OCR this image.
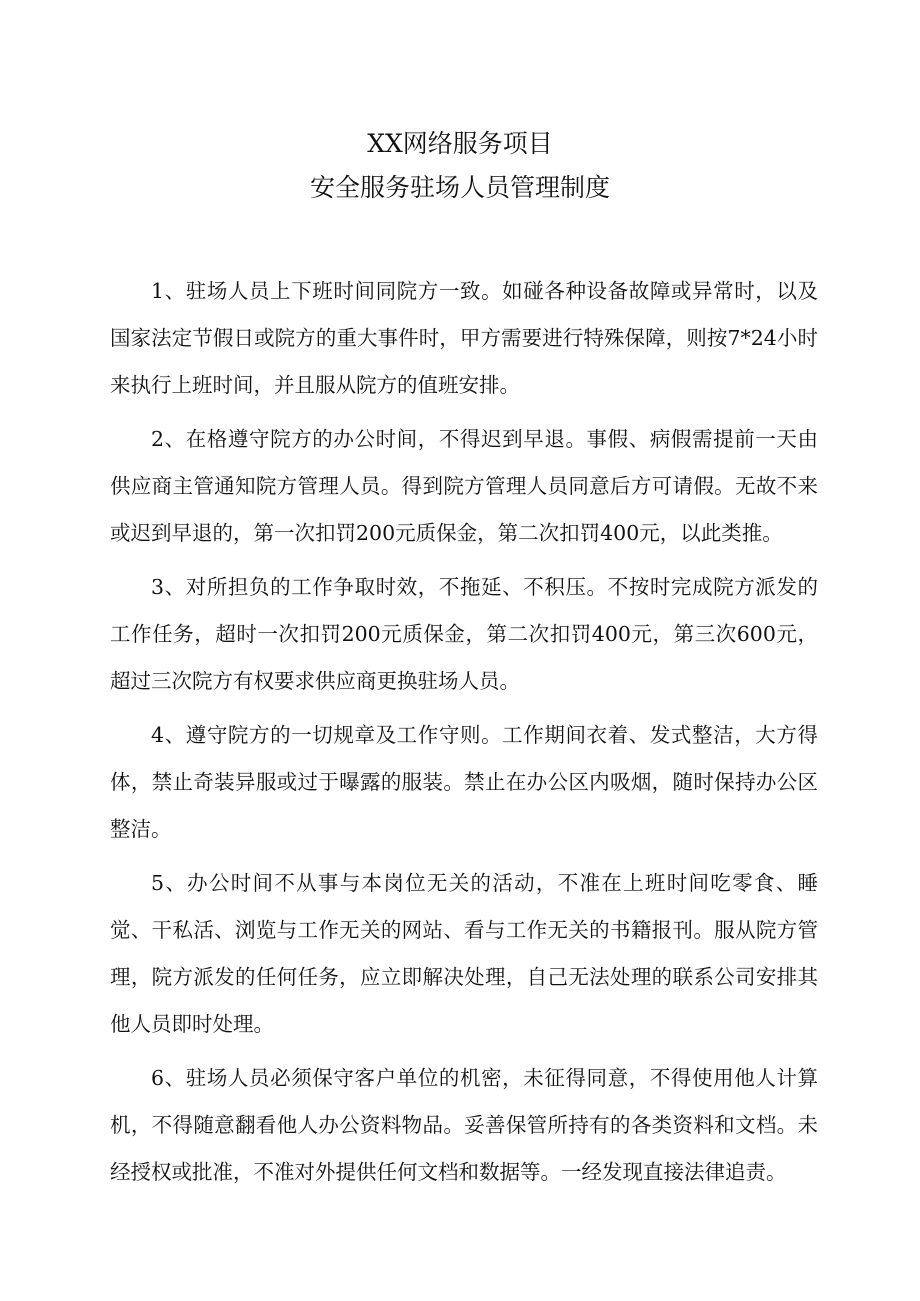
XX网络服务项目
安全服务驻场人员管理制度

1、驻场人员上下班时间同院方一致。如碰各种设备故障或异常时，以及国家法定节假日或院方的重大事件时，甲方需要进行特殊保障，则按7*24小时来执行上班时间，并且服从院方的值班安排。

2、在格遵守院方的办公时间，不得迟到早退。事假、病假需提前一天由供应商主管通知院方管理人员。得到院方管理人员同意后方可请假。无故不来或迟到早退的，第一次扣罚200元质保金，第二次扣罚400元，以此类推。

3、对所担负的工作争取时效，不拖延、不积压。不按时完成院方派发的工作任务，超时一次扣罚200元质保金，第二次扣罚400元，第三次600元，超过三次院方有权要求供应商更换驻场人员。

4、遵守院方的一切规章及工作守则。工作期间衣着、发式整洁，大方得体，禁止奇装异服或过于曝露的服装。禁止在办公区内吸烟，随时保持办公区整洁。

5、办公时间不从事与本岗位无关的活动，不准在上班时间吃零食、睡觉、干私活、浏览与工作无关的网站、看与工作无关的书籍报刊。服从院方管理，院方派发的任何任务，应立即解决处理，自己无法处理的联系公司安排其他人员即时处理。

6、驻场人员必须保守客户单位的机密，未征得同意，不得使用他人计算机，不得随意翻看他人办公资料物品。妥善保管所持有的各类资料和文档。未经授权或批准，不准对外提供任何文档和数据等。一经发现直接法律追责。
